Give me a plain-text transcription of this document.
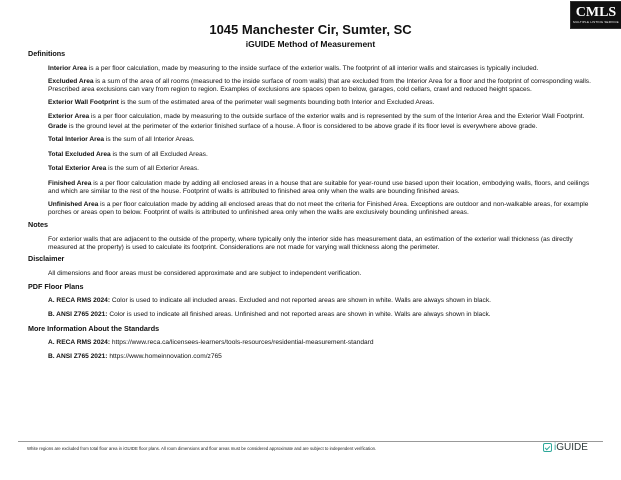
CMLS
MULTIPLE LISTING SERVICE
1045 Manchester Cir, Sumter, SC
iGUIDE Method of Measurement
Definitions

Interior Area is a per floor calculation, made by measuring to the inside surface of the exterior walls. The footprint of all interior walls and staircases is typically included.

Excluded Area is a sum of the area of all rooms (measured to the inside surface of room walls) that are excluded from the Interior Area for a floor and the footprint of corresponding walls. Prescribed area exclusions can vary from region to region. Examples of exclusions are spaces open to below, garages, cold cellars, crawl and reduced height spaces.

Exterior Wall Footprint is the sum of the estimated area of the perimeter wall segments bounding both Interior and Excluded Areas.

Exterior Area is a per floor calculation, made by measuring to the outside surface of the exterior walls and is represented by the sum of the Interior Area and the Exterior Wall Footprint.

Grade is the ground level at the perimeter of the exterior finished surface of a house. A floor is considered to be above grade if its floor level is everywhere above grade.

Total Interior Area is the sum of all Interior Areas.

Total Excluded Area is the sum of all Excluded Areas.

Total Exterior Area is the sum of all Exterior Areas.

Finished Area is a per floor calculation made by adding all enclosed areas in a house that are suitable for year-round use based upon their location, embodying walls, floors, and ceilings and which are similar to the rest of the house. Footprint of walls is attributed to finished area only when the walls are bounding finished areas.

Unfinished Area is a per floor calculation made by adding all enclosed areas that do not meet the criteria for Finished Area. Exceptions are outdoor and non-walkable areas, for example porches or areas open to below. Footprint of walls is attributed to unfinished area only when the walls are exclusively bounding unfinished areas.

Notes

For exterior walls that are adjacent to the outside of the property, where typically only the interior side has measurement data, an estimation of the exterior wall thickness (as directly measured at the property) is used to calculate its footprint. Considerations are not made for varying wall thickness along the perimeter.

Disclaimer

All dimensions and floor areas must be considered approximate and are subject to independent verification.

PDF Floor Plans

A. RECA RMS 2024: Color is used to indicate all included areas. Excluded and not reported areas are shown in white. Walls are always shown in black.

B. ANSI Z765 2021: Color is used to indicate all finished areas. Unfinished and not reported areas are shown in white. Walls are always shown in black.

More Information About the Standards

A. RECA RMS 2024: https://www.reca.ca/licensees-learners/tools-resources/residential-measurement-standard

B. ANSI Z765 2021: https://www.homeinnovation.com/z765

White regions are excluded from total floor area in iGUIDE floor plans. All room dimensions and floor areas must be considered approximate and are subject to independent verification.	iGUIDE
